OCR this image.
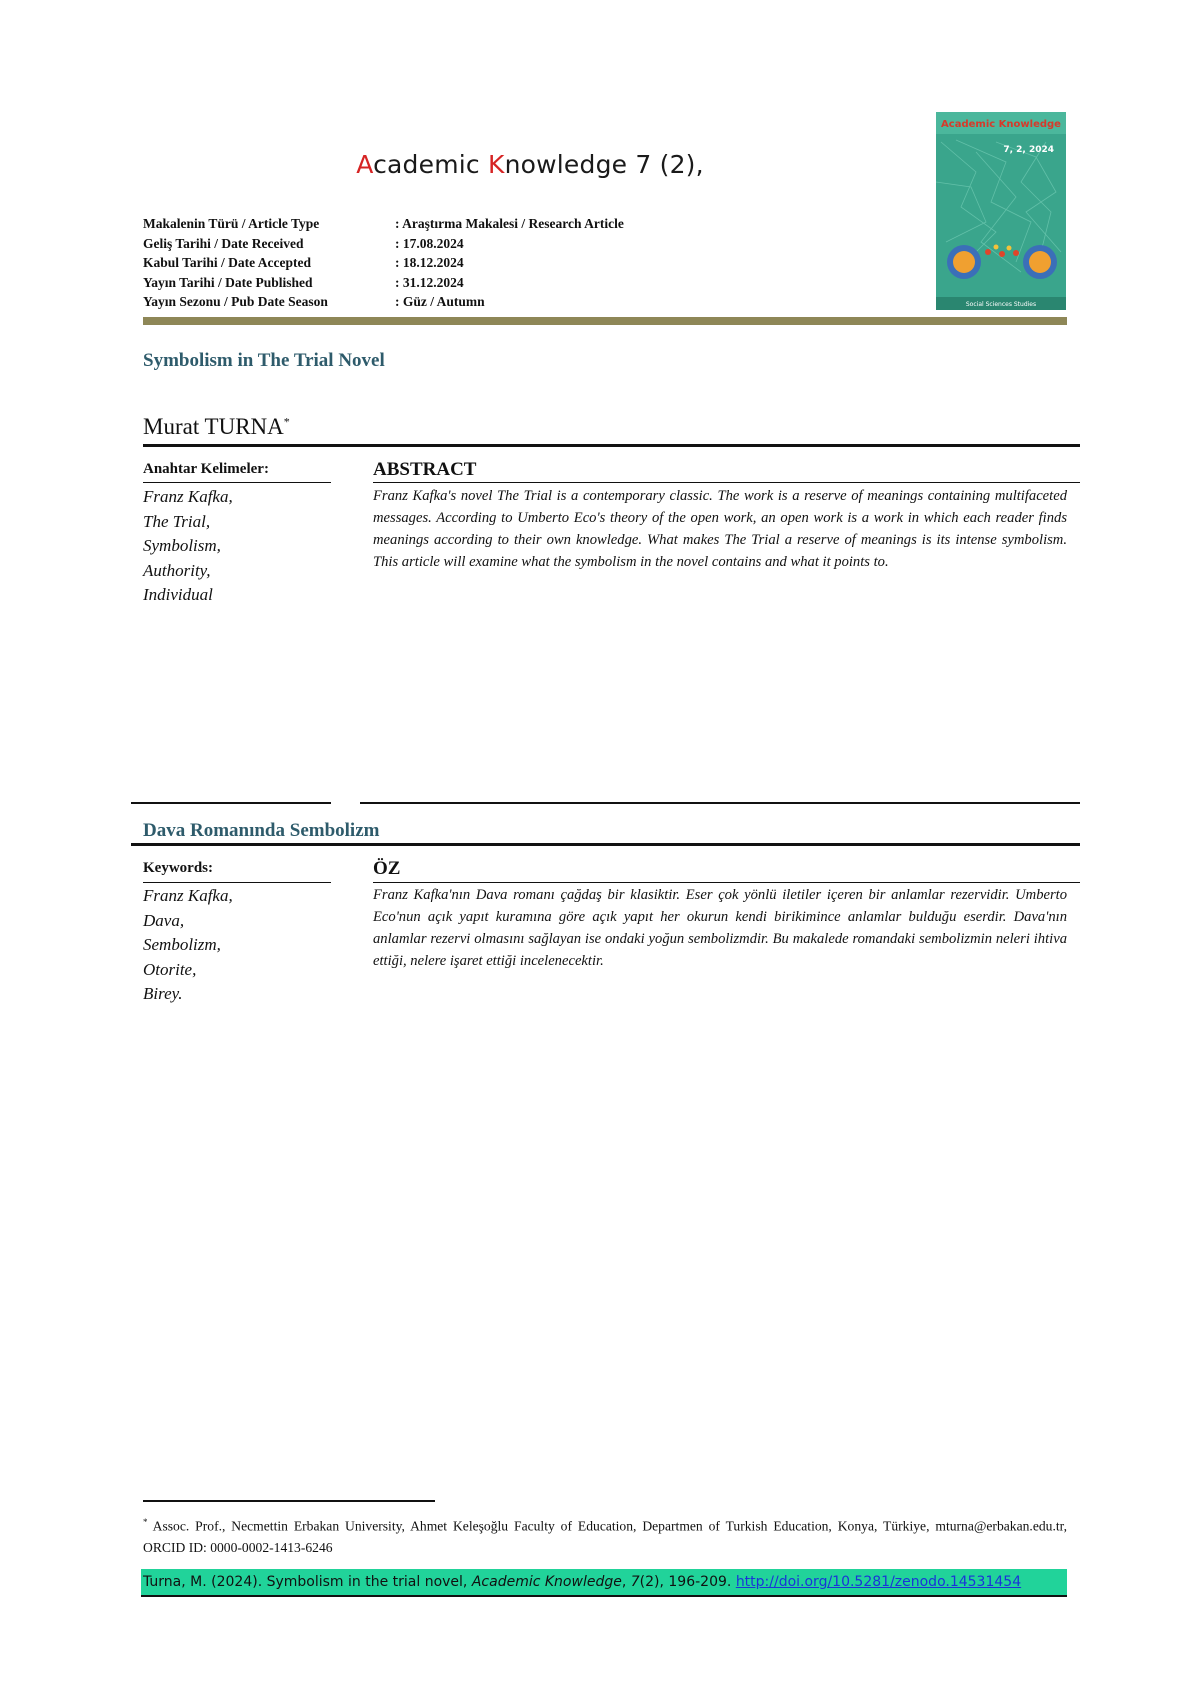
Academic Knowledge 7 (2),
Makalenin Türü / Article Type	: Araştırma Makalesi / Research Article
Geliş Tarihi / Date Received	: 17.08.2024
Kabul Tarihi / Date Accepted	: 18.12.2024
Yayın Tarihi / Date Published	: 31.12.2024
Yayın Sezonu / Pub Date Season	: Güz / Autumn
Academic Knowledge
7, 2, 2024
Social Sciences Studies
Symbolism in The Trial Novel
Murat TURNA*
Anahtar Kelimeler:	ABSTRACT
Franz Kafka,
The Trial,
Symbolism,
Authority,
Individual
Franz Kafka's novel The Trial is a contemporary classic. The work is a reserve of meanings containing multifaceted messages. According to Umberto Eco's theory of the open work, an open work is a work in which each reader finds meanings according to their own knowledge. What makes The Trial a reserve of meanings is its intense symbolism. This article will examine what the symbolism in the novel contains and what it points to.
Dava Romanında Sembolizm
Keywords:	ÖZ
Franz Kafka,
Dava,
Sembolizm,
Otorite,
Birey.
Franz Kafka'nın Dava romanı çağdaş bir klasiktir. Eser çok yönlü iletiler içeren bir anlamlar rezervidir. Umberto Eco'nun açık yapıt kuramına göre açık yapıt her okurun kendi birikimince anlamlar bulduğu eserdir. Dava'nın anlamlar rezervi olmasını sağlayan ise ondaki yoğun sembolizmdir. Bu makalede romandaki sembolizmin neleri ihtiva ettiği, nelere işaret ettiği incelenecektir.
* Assoc. Prof., Necmettin Erbakan University, Ahmet Keleşoğlu Faculty of Education, Departmen of Turkish Education, Konya, Türkiye, mturna@erbakan.edu.tr, ORCID ID: 0000-0002-1413-6246
Turna, M. (2024). Symbolism in the trial novel, Academic Knowledge, 7(2), 196-209. http://doi.org/10.5281/zenodo.14531454
